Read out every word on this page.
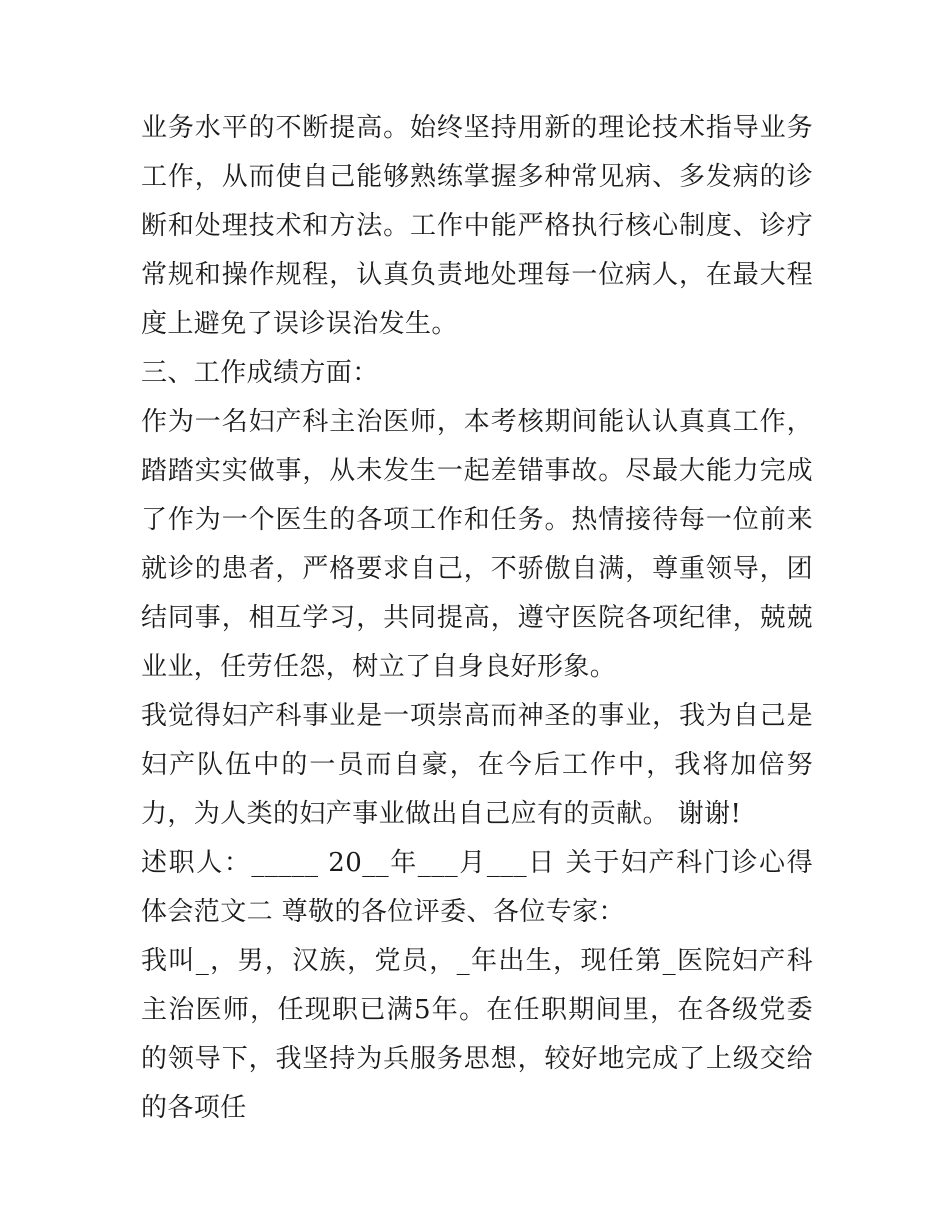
业务水平的不断提高。始终坚持用新的理论技术指导业务工作，从而使自己能够熟练掌握多种常见病、多发病的诊断和处理技术和方法。工作中能严格执行核心制度、诊疗常规和操作规程，认真负责地处理每一位病人，在最大程度上避免了误诊误治发生。

三、工作成绩方面：

作为一名妇产科主治医师，本考核期间能认认真真工作，踏踏实实做事，从未发生一起差错事故。尽最大能力完成了作为一个医生的各项工作和任务。热情接待每一位前来就诊的患者，严格要求自己，不骄傲自满，尊重领导，团结同事，相互学习，共同提高，遵守医院各项纪律，兢兢业业，任劳任怨，树立了自身良好形象。

我觉得妇产科事业是一项崇高而神圣的事业，我为自己是妇产队伍中的一员而自豪，在今后工作中，我将加倍努力，为人类的妇产事业做出自己应有的贡献。 谢谢!

述职人：_____ 20__年___月___日 关于妇产科门诊心得体会范文二 尊敬的各位评委、各位专家：

我叫_，男，汉族，党员，_年出生，现任第_医院妇产科主治医师，任现职已满5年。在任职期间里，在各级党委的领导下，我坚持为兵服务思想，较好地完成了上级交给的各项任
